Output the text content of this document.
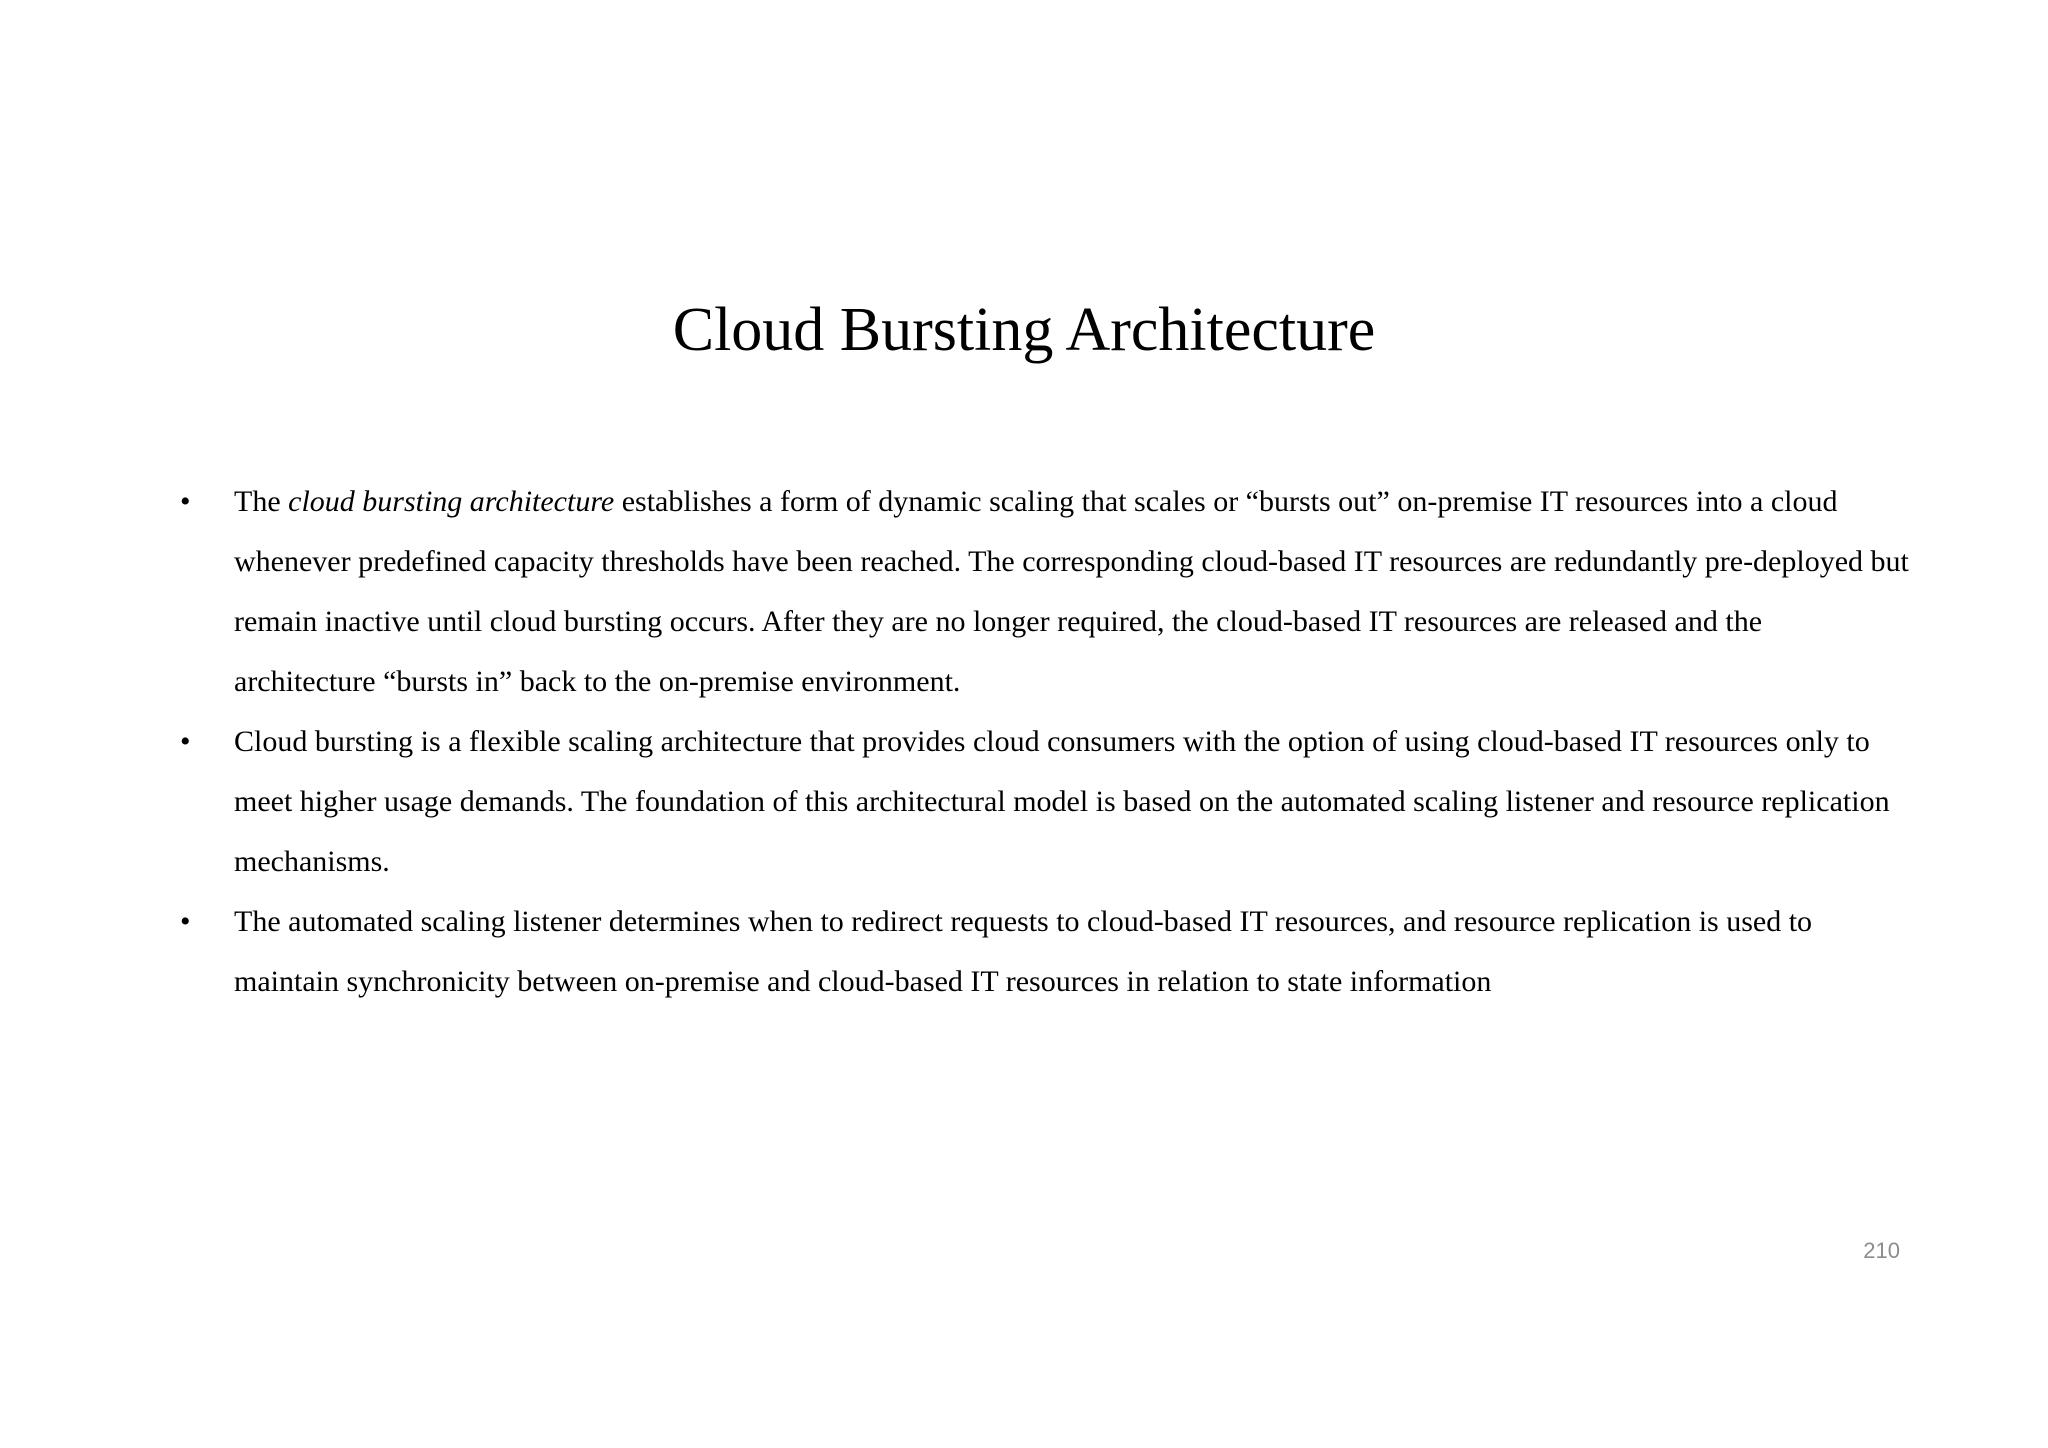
Cloud Bursting Architecture
•	The cloud bursting architecture establishes a form of dynamic scaling that scales or “bursts out” on-premise IT resources into a cloud whenever predefined capacity thresholds have been reached. The corresponding cloud-based IT resources are redundantly pre-deployed but remain inactive until cloud bursting occurs. After they are no longer required, the cloud-based IT resources are released and the architecture “bursts in” back to the on-premise environment.
•	Cloud bursting is a flexible scaling architecture that provides cloud consumers with the option of using cloud-based IT resources only to meet higher usage demands. The foundation of this architectural model is based on the automated scaling listener and resource replication mechanisms.
•	The automated scaling listener determines when to redirect requests to cloud-based IT resources, and resource replication is used to maintain synchronicity between on-premise and cloud-based IT resources in relation to state information
210
